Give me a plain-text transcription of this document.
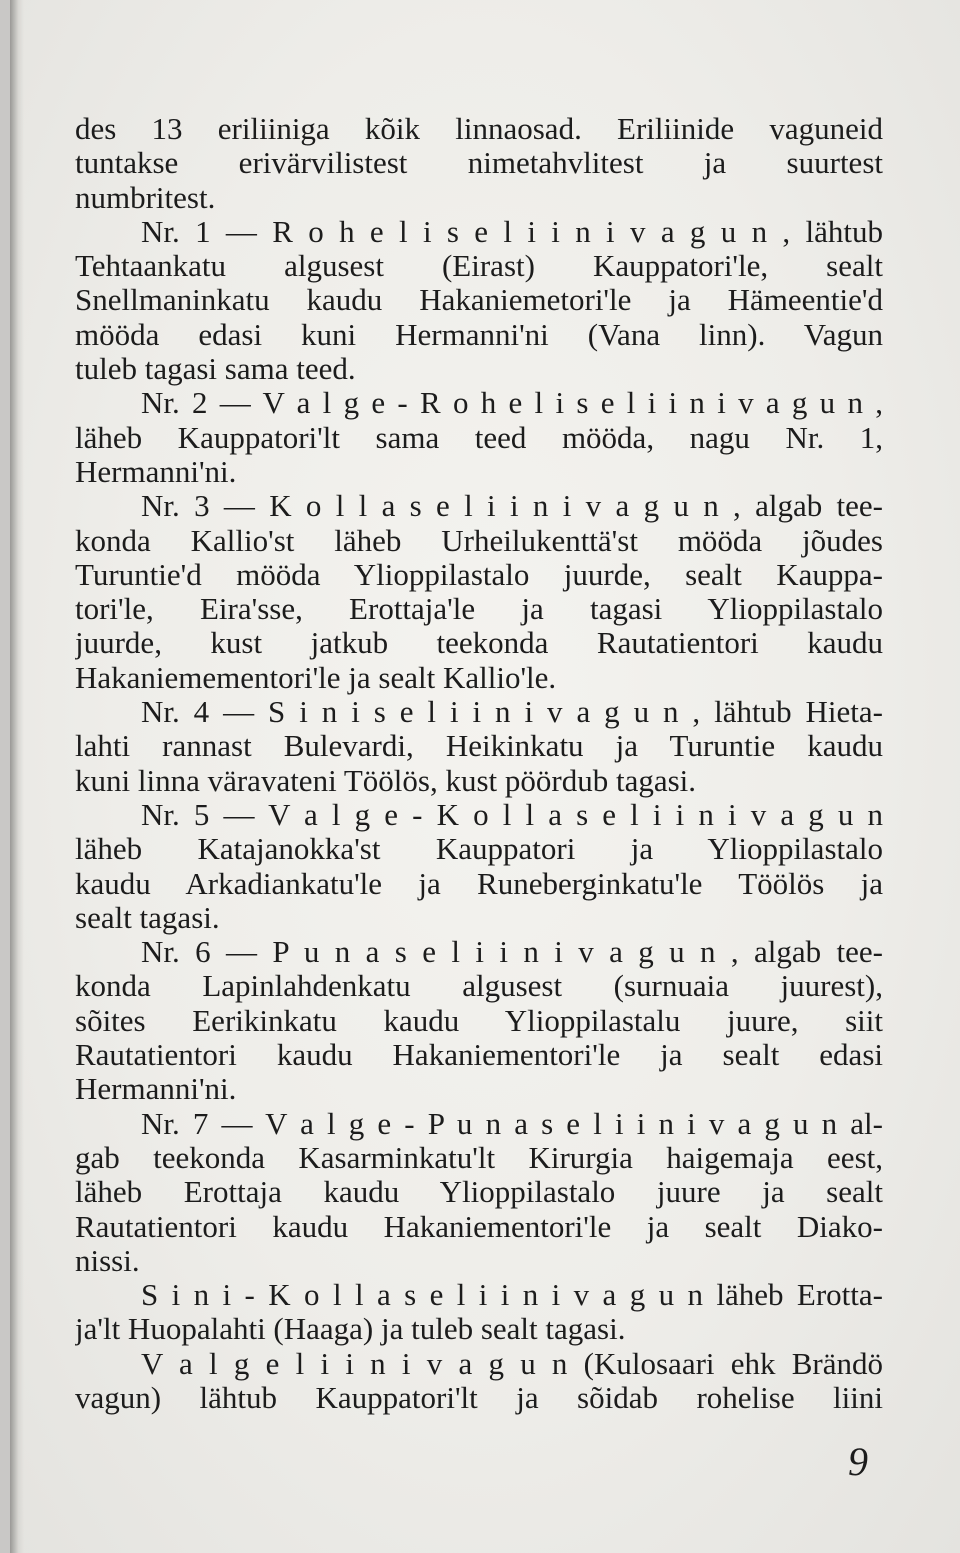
des 13 eriliiniga kõik linnaosad. Eriliinide vaguneid
tuntakse erivärvilistest nimetahvlitest ja suurtest
numbritest.
Nr. 1 — R o h e l i s e l i i n i v a g u n , lähtub
Tehtaankatu algusest (Eirast) Kauppatori'le, sealt
Snellmaninkatu kaudu Hakaniemetori'le ja Hämeentie'd
mööda edasi kuni Hermanni'ni (Vana linn). Vagun
tuleb tagasi sama teed.
Nr. 2 — V a l g e - R o h e l i s e l i i n i v a g u n ,
läheb Kauppatori'lt sama teed mööda, nagu Nr. 1,
Hermanni'ni.
Nr. 3 — K o l l a s e l i i n i v a g u n , algab tee-
konda Kallio'st läheb Urheilukenttä'st mööda jõudes
Turuntie'd mööda Ylioppilastalo juurde, sealt Kauppa-
tori'le, Eira'sse, Erottaja'le ja tagasi Ylioppilastalo
juurde, kust jatkub teekonda Rautatientori kaudu
Hakaniemementori'le ja sealt Kallio'le.
Nr. 4 — S i n i s e l i i n i v a g u n , lähtub Hieta-
lahti rannast Bulevardi, Heikinkatu ja Turuntie kaudu
kuni linna väravateni Töölös, kust pöördub tagasi.
Nr. 5 — V a l g e - K o l l a s e l i i n i v a g u n
läheb Katajanokka'st Kauppatori ja Ylioppilastalo
kaudu Arkadiankatu'le ja Runeberginkatu'le Töölös ja
sealt tagasi.
Nr. 6 — P u n a s e l i i n i v a g u n , algab tee-
konda Lapinlahdenkatu algusest (surnuaia juurest),
sõites Eerikinkatu kaudu Ylioppilastalu juure, siit
Rautatientori kaudu Hakaniementori'le ja sealt edasi
Hermanni'ni.
Nr. 7 — V a l g e - P u n a s e l i i n i v a g u n al-
gab teekonda Kasarminkatu'lt Kirurgia haigemaja eest,
läheb Erottaja kaudu Ylioppilastalo juure ja sealt
Rautatientori kaudu Hakaniementori'le ja sealt Diako-
nissi.
S i n i - K o l l a s e l i i n i v a g u n läheb Erotta-
ja'lt Huopalahti (Haaga) ja tuleb sealt tagasi.
V a l g e l i i n i v a g u n (Kulosaari ehk Brändö
vagun) lähtub Kauppatori'lt ja sõidab rohelise liini
9
